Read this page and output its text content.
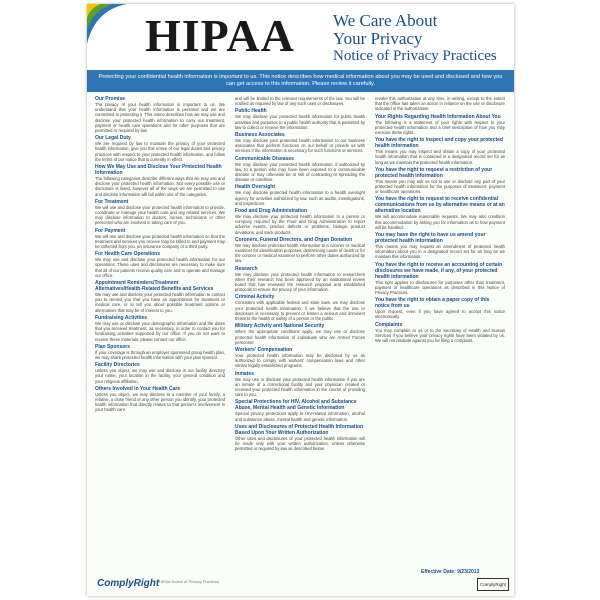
HIPAA We Care About
Your Privacy
Notice of Privacy Practices
Protecting your confidential health information is important to us. This notice describes how medical information about you may be used and disclosed and how you can get access to this information. Please review it carefully.
Our Promise
The privacy of your health information is important to us. We understand that your health information is personal and we are committed to protecting it. This notice describes how we may use and disclose your protected health information to carry out treatment, payment or health care operations and for other purposes that are permitted or required by law.
Our Legal Duty
We are required by law to maintain the privacy of your protected health information, give you this notice of our legal duties and privacy practices with respect to your protected health information, and follow the terms of our notice that is currently in effect.
How We May Use and Disclose Your Protected Health Information
The following categories describe different ways that we may use and disclose your protected health information. Not every possible use or disclosure is listed, however all of the ways we are permitted to use and disclose information will fall within one of the categories.
For Treatment
We will use and disclose your protected health information to provide, coordinate or manage your health care and any related services. We may disclose information to doctors, nurses, technicians or other personnel who are involved in taking care of you.
For Payment
We will use and disclose your protected health information so that the treatment and services you receive may be billed to and payment may be collected from you, an insurance company or a third party.
For Health Care Operations
We may use and disclose your protected health information for our operations. These uses and disclosures are necessary to make sure that all of our patients receive quality care and to operate and manage our office.
Appointment Reminders/Treatment Alternatives/Health-Related Benefits and Services
We may use and disclose your protected health information to contact you to remind you that you have an appointment for treatment or medical care, or to tell you about possible treatment options or alternatives that may be of interest to you.
Fundraising Activities
We may use or disclose your demographic information and the dates that you received treatment, as necessary, in order to contact you for fundraising activities supported by our office. If you do not want to receive these materials, please contact our office.
Plan Sponsors
If your coverage is through an employer sponsored group health plan, we may share protected health information with your plan sponsor.
Facility Directories
Unless you object, we may use and disclose in our facility directory your name, your location in the facility, your general condition and your religious affiliation.
Others Involved in Your Health Care
Unless you object, we may disclose to a member of your family, a relative, a close friend or any other person you identify, your protected health information that directly relates to that person's involvement in your health care.
and will be limited to the relevant requirements of the law. You will be notified as required by law of any such uses or disclosures.
Public Health
We may disclose your protected health information for public health activities and purposes to a public health authority that is permitted by law to collect or receive the information.
Business Associates
We may disclose your protected health information to our business associates that perform functions on our behalf or provide us with services if the information is necessary for such functions or services.
Communicable Diseases
We may disclose your protected health information, if authorized by law, to a person who may have been exposed to a communicable disease or may otherwise be at risk of contracting or spreading the disease or condition.
Health Oversight
We may disclose protected health information to a health oversight agency for activities authorized by law, such as audits, investigations, and inspections.
Food and Drug Administration
We may disclose your protected health information to a person or company required by the Food and Drug Administration to report adverse events, product defects or problems, biologic product deviations, and track products.
Coroners, Funeral Directors, and Organ Donation
We may disclose protected health information to a coroner or medical examiner for identification purposes, determining cause of death or for the coroner or medical examiner to perform other duties authorized by law.
Research
We may disclose your protected health information to researchers when their research has been approved by an institutional review board that has reviewed the research proposal and established protocols to ensure the privacy of your information.
Criminal Activity
Consistent with applicable federal and state laws, we may disclose your protected health information, if we believe that the use or disclosure is necessary to prevent or lessen a serious and imminent threat to the health or safety of a person or the public.
Military Activity and National Security
When the appropriate conditions apply, we may use or disclose protected health information of individuals who are Armed Forces personnel.
Workers' Compensation
Your protected health information may be disclosed by us as authorized to comply with workers' compensation laws and other similar legally-established programs.
Inmates
We may use or disclose your protected health information if you are an inmate of a correctional facility and your physician created or received your protected health information in the course of providing care to you.
Special Protections for HIV, Alcohol and Substance Abuse, Mental Health and Genetic Information
Special privacy protections apply to HIV-related information, alcohol and substance abuse, mental health and genetic information.
Uses and Disclosures of Protected Health Information Based Upon Your Written Authorization
Other uses and disclosures of your protected health information will be made only with your written authorization, unless otherwise permitted or required by law as described below.
revoke this authorization at any time, in writing, except to the extent that the office has taken an action in reliance on the use or disclosure indicated in the authorization.
Your Rights Regarding Health Information About You
The following is a statement of your rights with respect to your protected health information and a brief description of how you may exercise these rights.
You have the right to inspect and copy your protected health information
This means you may inspect and obtain a copy of your protected health information that is contained in a designated record set for as long as we maintain the protected health information.
You have the right to request a restriction of your protected health information
This means you may ask us not to use or disclose any part of your protected health information for the purposes of treatment, payment or healthcare operations.
You have the right to request to receive confidential communications from us by alternative means or at an alternative location
We will accommodate reasonable requests. We may also condition this accommodation by asking you for information as to how payment will be handled.
You may have the right to have us amend your protected health information
This means you may request an amendment of protected health information about you in a designated record set for as long as we maintain this information.
You have the right to receive an accounting of certain disclosures we have made, if any, of your protected health information
This right applies to disclosures for purposes other than treatment, payment or healthcare operations as described in this Notice of Privacy Practices.
You have the right to obtain a paper copy of this notice from us
Upon request, even if you have agreed to accept this notice electronically.
Complaints
You may complain to us or to the Secretary of Health and Human Services if you believe your privacy rights have been violated by us. We will not retaliate against you for filing a complaint.
ComplyRight HIPAA Notice of Privacy Practices
Effective Date: 9/23/2013
ComplyRight
